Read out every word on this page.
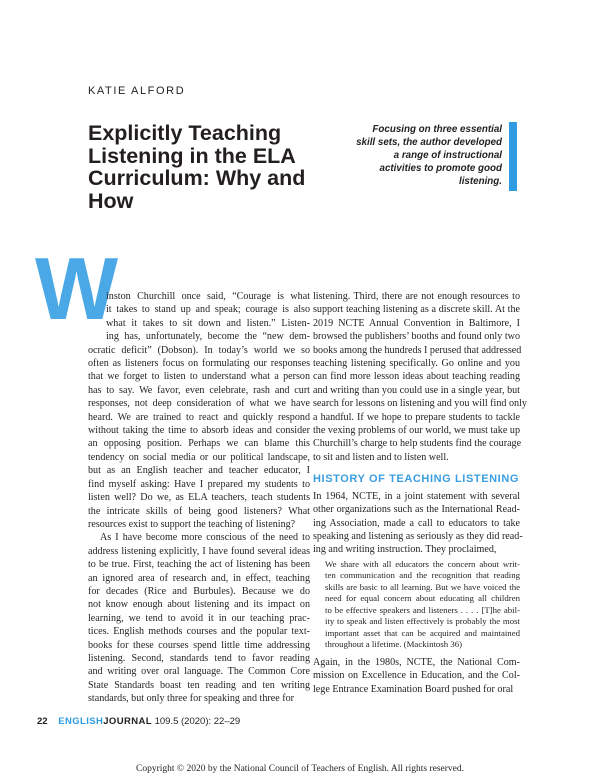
KATIE ALFORD
Explicitly Teaching Listening in the ELA Curriculum: Why and How
Focusing on three essential skill sets, the author developed a range of instructional activities to promote good listening.
W
inston Churchill once said, “Courage is what
it takes to stand up and speak; courage is also
what it takes to sit down and listen.” Listen-
ing has, unfortunately, become the “new dem-
ocratic deficit” (Dobson). In today’s world we so
often as listeners focus on formulating our responses
that we forget to listen to understand what a person
has to say. We favor, even celebrate, rash and curt
responses, not deep consideration of what we have
heard. We are trained to react and quickly respond
without taking the time to absorb ideas and consider
an opposing position. Perhaps we can blame this
tendency on social media or our political landscape,
but as an English teacher and teacher educator, I
find myself asking: Have I prepared my students to
listen well? Do we, as ELA teachers, teach students
the intricate skills of being good listeners? What
resources exist to support the teaching of listening?
As I have become more conscious of the need to
address listening explicitly, I have found several ideas
to be true. First, teaching the act of listening has been
an ignored area of research and, in effect, teaching
for decades (Rice and Burbules). Because we do
not know enough about listening and its impact on
learning, we tend to avoid it in our teaching prac-
tices. English methods courses and the popular text-
books for these courses spend little time addressing
listening. Second, standards tend to favor reading
and writing over oral language. The Common Core
State Standards boast ten reading and ten writing
standards, but only three for speaking and three for
listening. Third, there are not enough resources to
support teaching listening as a discrete skill. At the
2019 NCTE Annual Convention in Baltimore, I
browsed the publishers’ booths and found only two
books among the hundreds I perused that addressed
teaching listening specifically. Go online and you
can find more lesson ideas about teaching reading
and writing than you could use in a single year, but
search for lessons on listening and you will find only
a handful. If we hope to prepare students to tackle
the vexing problems of our world, we must take up
Churchill’s charge to help students find the courage
to sit and listen and to listen well.
HISTORY OF TEACHING LISTENING
In 1964, NCTE, in a joint statement with several
other organizations such as the International Read-
ing Association, made a call to educators to take
speaking and listening as seriously as they did read-
ing and writing instruction. They proclaimed,
We share with all educators the concern about writ-
ten communication and the recognition that reading
skills are basic to all learning. But we have voiced the
need for equal concern about educating all children
to be effective speakers and listeners . . . . [T]he abil-
ity to speak and listen effectively is probably the most
important asset that can be acquired and maintained
throughout a lifetime. (Mackintosh 36)
Again, in the 1980s, NCTE, the National Com-
mission on Excellence in Education, and the Col-
lege Entrance Examination Board pushed for oral
22 ENGLISHJOURNAL 109.5 (2020): 22–29
Copyright © 2020 by the National Council of Teachers of English. All rights reserved.
